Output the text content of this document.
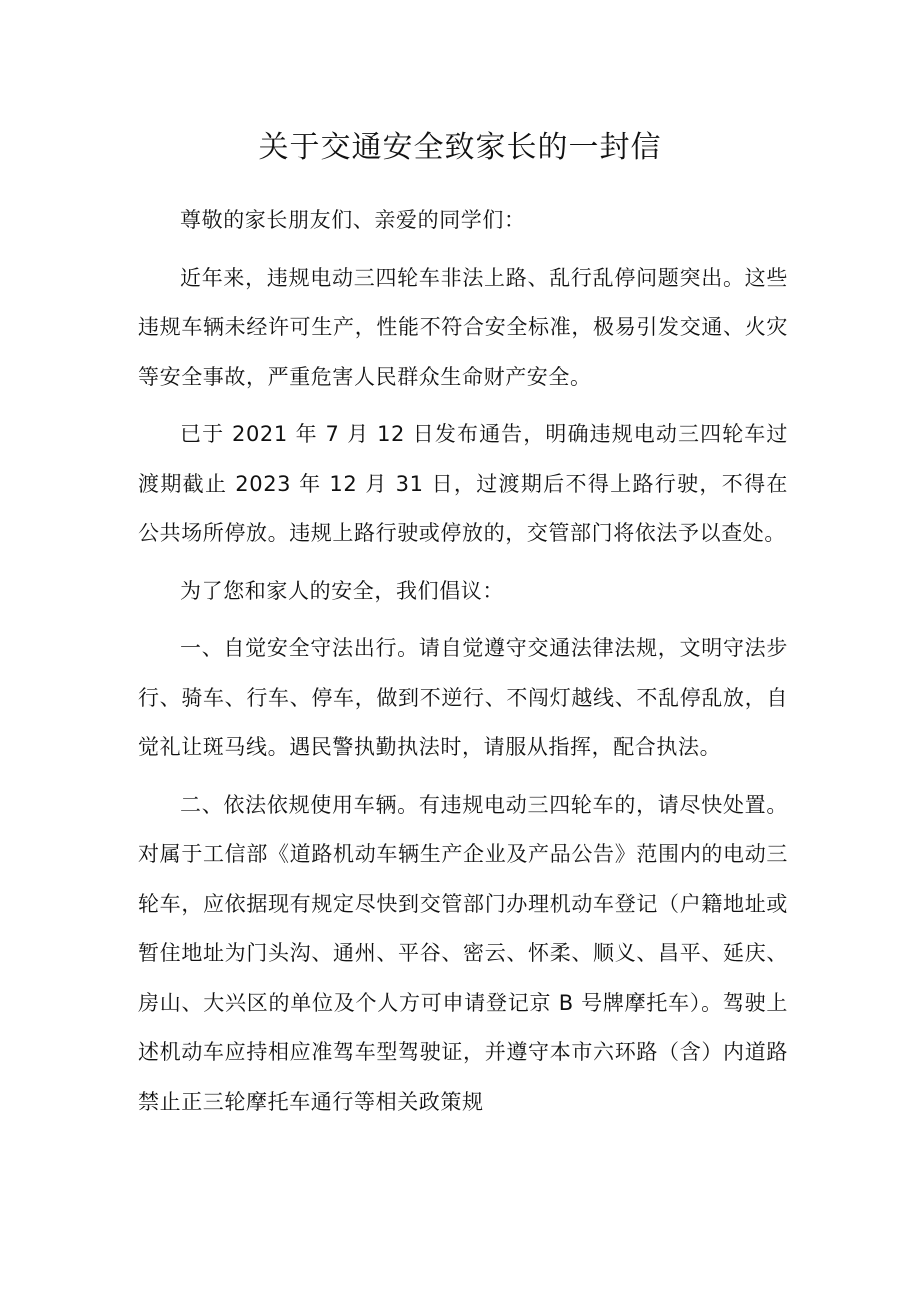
关于交通安全致家长的一封信

尊敬的家长朋友们、亲爱的同学们：

近年来，违规电动三四轮车非法上路、乱行乱停问题突出。这些违规车辆未经许可生产，性能不符合安全标准，极易引发交通、火灾等安全事故，严重危害人民群众生命财产安全。

已于 2021 年 7 月 12 日发布通告，明确违规电动三四轮车过渡期截止 2023 年 12 月 31 日，过渡期后不得上路行驶，不得在公共场所停放。违规上路行驶或停放的，交管部门将依法予以查处。

为了您和家人的安全，我们倡议：

一、自觉安全守法出行。请自觉遵守交通法律法规，文明守法步行、骑车、行车、停车，做到不逆行、不闯灯越线、不乱停乱放，自觉礼让斑马线。遇民警执勤执法时，请服从指挥，配合执法。

二、依法依规使用车辆。有违规电动三四轮车的，请尽快处置。对属于工信部《道路机动车辆生产企业及产品公告》范围内的电动三轮车，应依据现有规定尽快到交管部门办理机动车登记（户籍地址或暂住地址为门头沟、通州、平谷、密云、怀柔、顺义、昌平、延庆、房山、大兴区的单位及个人方可申请登记京 B 号牌摩托车）。驾驶上述机动车应持相应准驾车型驾驶证，并遵守本市六环路（含）内道路禁止正三轮摩托车通行等相关政策规
